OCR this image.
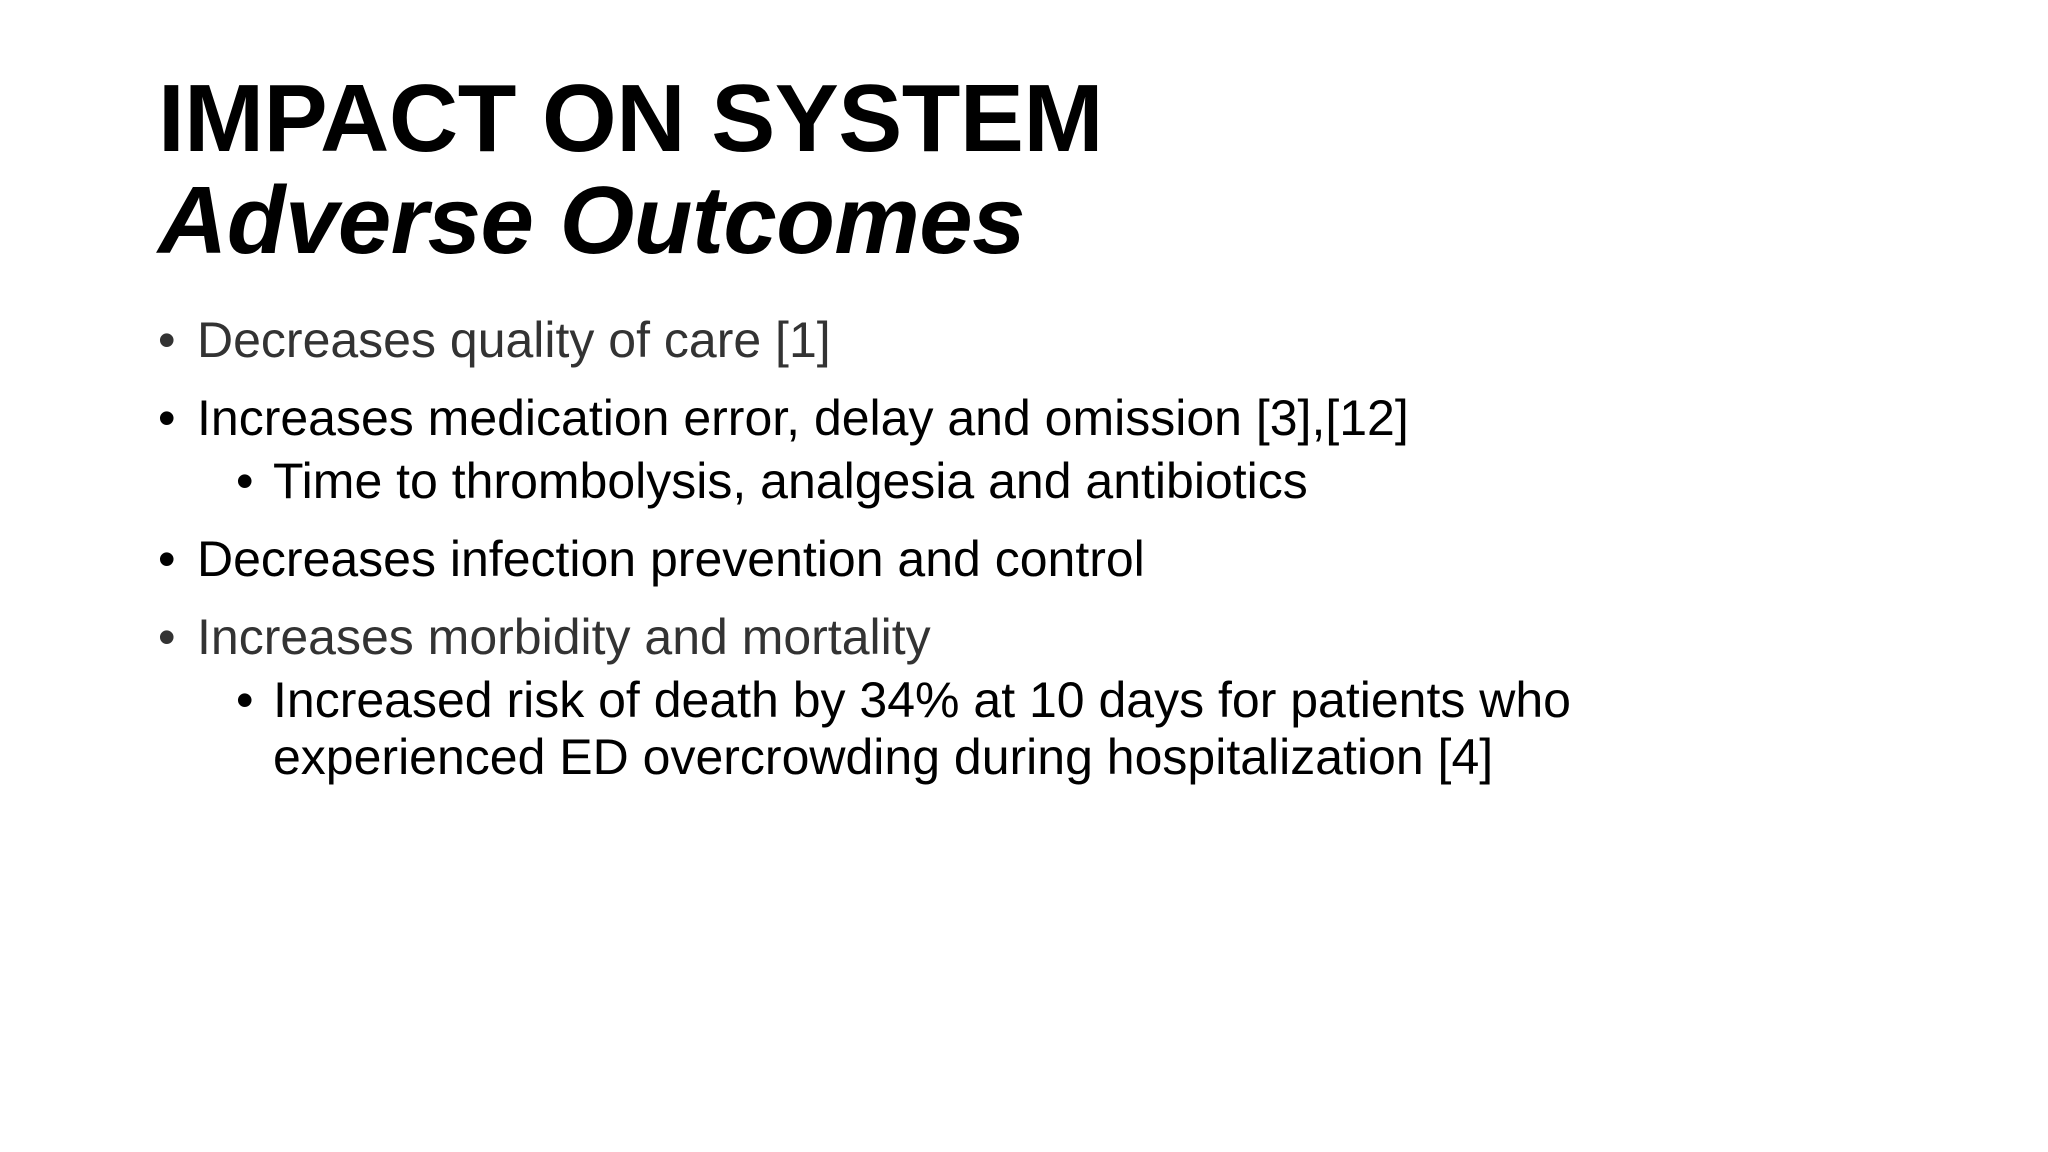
IMPACT ON SYSTEM
Adverse Outcomes
• Decreases quality of care [1]
• Increases medication error, delay and omission [3],[12]
• Time to thrombolysis, analgesia and antibiotics
• Decreases infection prevention and control
• Increases morbidity and mortality
• Increased risk of death by 34% at 10 days for patients who
experienced ED overcrowding during hospitalization [4]
